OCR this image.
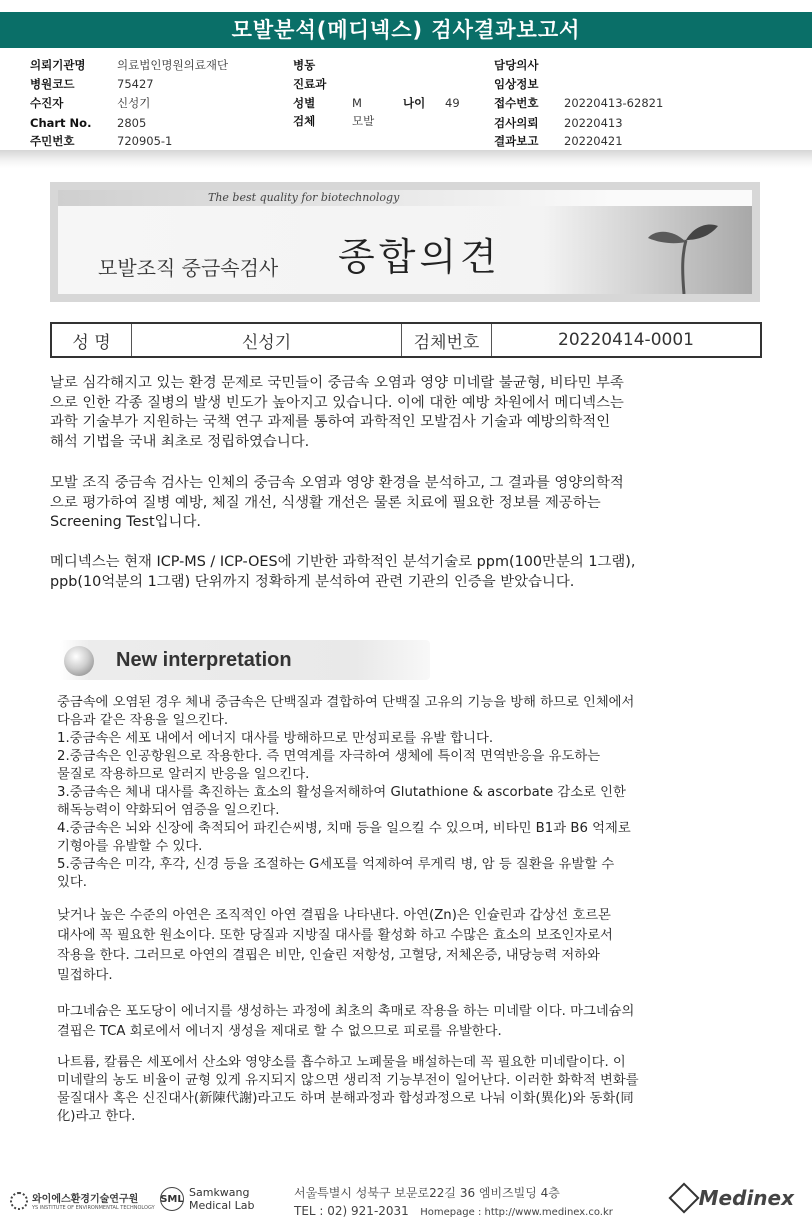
모발분석(메디넥스) 검사결과보고서
의뢰기관명	의료법인명원의료재단
병원코드	75427
수진자	신성기
Chart No. 2805
주민번호	720905-1
병동
진료과
성별	M	나이 49
검체	모발
담당의사
임상정보
접수번호 20220413-62821
검사의뢰 20220413
결과보고 20220421
The best quality for biotechnology
모발조직 중금속검사 종합의견
성 명	신성기	검체번호	20220414-0001

날로 심각해지고 있는 환경 문제로 국민들이 중금속 오염과 영양 미네랄 불균형, 비타민 부족

으로 인한 각종 질병의 발생 빈도가 높아지고 있습니다. 이에 대한 예방 차원에서 메디넥스는

과학 기술부가 지원하는 국책 연구 과제를 통하여 과학적인 모발검사 기술과 예방의학적인

해석 기법을 국내 최초로 정립하였습니다.

모발 조직 중금속 검사는 인체의 중금속 오염과 영양 환경을 분석하고, 그 결과를 영양의학적

으로 평가하여 질병 예방, 체질 개선, 식생활 개선은 물론 치료에 필요한 정보를 제공하는

Screening Test입니다.

메디넥스는 현재 ICP-MS / ICP-OES에 기반한 과학적인 분석기술로 ppm(100만분의 1그램),

ppb(10억분의 1그램) 단위까지 정확하게 분석하여 관련 기관의 인증을 받았습니다.

New interpretation

중금속에 오염된 경우 체내 중금속은 단백질과 결합하여 단백질 고유의 기능을 방해 하므로 인체에서

다음과 같은 작용을 일으킨다.

1.중금속은 세포 내에서 에너지 대사를 방해하므로 만성피로를 유발 합니다.

2.중금속은 인공항원으로 작용한다. 즉 면역계를 자극하여 생체에 특이적 면역반응을 유도하는

물질로 작용하므로 알러지 반응을 일으킨다.

3.중금속은 체내 대사를 촉진하는 효소의 활성을저해하여 Glutathione & ascorbate 감소로 인한

해독능력이 약화되어 염증을 일으킨다.

4.중금속은 뇌와 신장에 축적되어 파킨슨씨병, 치매 등을 일으킬 수 있으며, 비타민 B1과 B6 억제로

기형아를 유발할 수 있다.

5.중금속은 미각, 후각, 신경 등을 조절하는 G세포를 억제하여 루게릭 병, 암 등 질환을 유발할 수

있다.

낮거나 높은 수준의 아연은 조직적인 아연 결핍을 나타낸다. 아연(Zn)은 인슐린과 갑상선 호르몬

대사에 꼭 필요한 원소이다. 또한 당질과 지방질 대사를 활성화 하고 수많은 효소의 보조인자로서

작용을 한다. 그러므로 아연의 결핍은 비만, 인슐린 저항성, 고혈당, 저체온증, 내당능력 저하와

밀접하다.

마그네슘은 포도당이 에너지를 생성하는 과정에 최초의 촉매로 작용을 하는 미네랄 이다. 마그네슘의

결핍은 TCA 회로에서 에너지 생성을 제대로 할 수 없으므로 피로를 유발한다.

나트륨, 칼륨은 세포에서 산소와 영양소를 흡수하고 노폐물을 배설하는데 꼭 필요한 미네랄이다. 이

미네랄의 농도 비율이 균형 있게 유지되지 않으면 생리적 기능부전이 일어난다. 이러한 화학적 변화를

물질대사 혹은 신진대사(新陳代謝)라고도 하며 분해과정과 합성과정으로 나눠 이화(異化)와 동화(同

化)라고 한다.

와이에스환경기술연구원
YS INSTITUTE OF ENVIRONMENTAL TECHNOLOGY
SML Samkwang
Medical Lab
서울특별시 성북구 보문로22길 36 엠비즈빌딩 4층
TEL : 02) 921-2031 Homepage : http://www.medinex.co.kr
Medinex
